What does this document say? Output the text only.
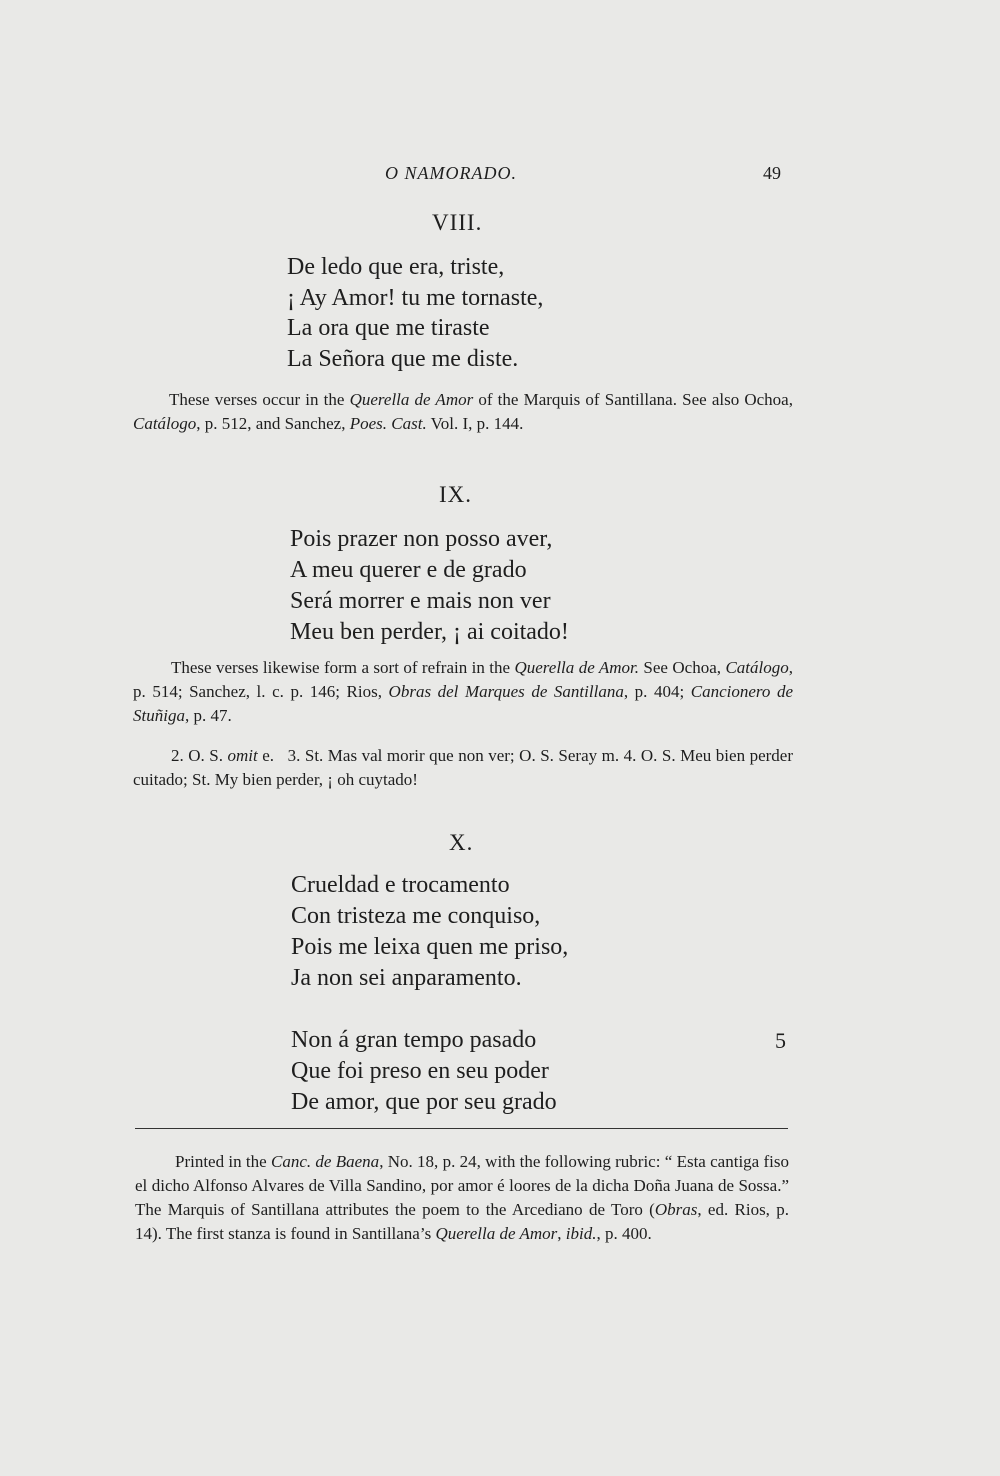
O NAMORADO.	49
VIII.
De ledo que era, triste,
¡ Ay Amor! tu me tornaste,
La ora que me tiraste
La Señora que me diste.
These verses occur in the Querella de Amor of the Marquis of Santillana. See also Ochoa, Catálogo, p. 512, and Sanchez, Poes. Cast. Vol. I, p. 144.
IX.
Pois prazer non posso aver,
A meu querer e de grado
Será morrer e mais non ver
Meu ben perder, ¡ ai coitado!
These verses likewise form a sort of refrain in the Querella de Amor. See Ochoa, Catálogo, p. 514; Sanchez, l. c. p. 146; Rios, Obras del Marques de Santillana, p. 404; Cancionero de Stuñiga, p. 47.
2. O. S. omit e. 3. St. Mas val morir que non ver; O. S. Seray m. 4. O. S. Meu bien perder cuitado; St. My bien perder, ¡ oh cuytado!
X.
Crueldad e trocamento
Con tristeza me conquiso,
Pois me leixa quen me priso,
Ja non sei anparamento.
Non á gran tempo pasado	5
Que foi preso en seu poder
De amor, que por seu grado
Printed in the Canc. de Baena, No. 18, p. 24, with the following rubric: “ Esta cantiga fiso el dicho Alfonso Alvares de Villa Sandino, por amor é loores de la dicha Doña Juana de Sossa.” The Marquis of Santillana attributes the poem to the Arcediano de Toro (Obras, ed. Rios, p. 14). The first stanza is found in Santillana’s Querella de Amor, ibid., p. 400.
